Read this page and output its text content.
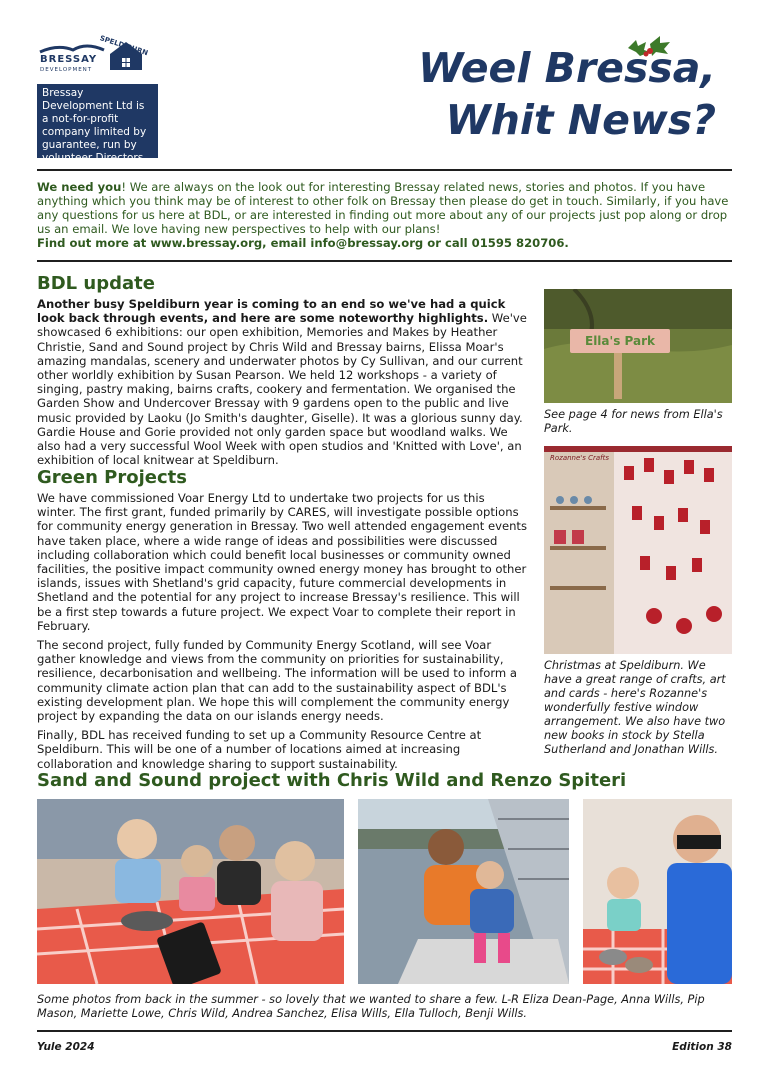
BRESSAY
DEVELOPMENT
SPELDIBURN
Bressay Development Ltd is a not-for-profit company limited by guarantee, run by volunteer Directors.
Weel Bressa,
Whit News?
We need you! We are always on the look out for interesting Bressay related news, stories and photos. If you have anything which you think may be of interest to other folk on Bressay then please do get in touch. Similarly, if you have any questions for us here at BDL, or are interested in finding out more about any of our projects just pop along or drop us an email. We love having new perspectives to help with our plans!
Find out more at www.bressay.org, email info@bressay.org or call 01595 820706.
BDL update
Another busy Speldiburn year is coming to an end so we've had a quick look back through events, and here are some noteworthy highlights. We've showcased 6 exhibitions: our open exhibition, Memories and Makes by Heather Christie, Sand and Sound project by Chris Wild and Bressay bairns, Elissa Moar's amazing mandalas, scenery and underwater photos by Cy Sullivan, and our current other worldly exhibition by Susan Pearson. We held 12 workshops - a variety of singing, pastry making, bairns crafts, cookery and fermentation. We organised the Garden Show and Undercover Bressay with 9 gardens open to the public and live music provided by Laoku (Jo Smith's daughter, Giselle). It was a glorious sunny day. Gardie House and Gorie provided not only garden space but woodland walks. We also had a very successful Wool Week with open studios and 'Knitted with Love', an exhibition of local knitwear at Speldiburn.
Green Projects

We have commissioned Voar Energy Ltd to undertake two projects for us this winter. The first grant, funded primarily by CARES, will investigate possible options for community energy generation in Bressay. Two well attended engagement events have taken place, where a wide range of ideas and possibilities were discussed including collaboration which could benefit local businesses or community owned facilities, the positive impact community owned energy money has brought to other islands, issues with Shetland's grid capacity, future commercial developments in Shetland and the potential for any project to increase Bressay's resilience. This will be a first step towards a future project. We expect Voar to complete their report in February.

The second project, fully funded by Community Energy Scotland, will see Voar gather knowledge and views from the community on priorities for sustainability, resilience, decarbonisation and wellbeing. The information will be used to inform a community climate action plan that can add to the sustainability aspect of BDL's existing development plan. We hope this will complement the community energy project by expanding the data on our islands energy needs.

Finally, BDL has received funding to set up a Community Resource Centre at Speldiburn. This will be one of a number of locations aimed at increasing collaboration and knowledge sharing to support sustainability.

Ella's Park
See page 4 for news from Ella's Park.
Rozanne's Crafts
Christmas at Speldiburn. We have a great range of crafts, art and cards - here's Rozanne's wonderfully festive window arrangement. We also have two new books in stock by Stella Sutherland and Jonathan Wills.
Sand and Sound project with Chris Wild and Renzo Spiteri
Some photos from back in the summer - so lovely that we wanted to share a few. L-R Eliza Dean-Page, Anna Wills, Pip Mason, Mariette Lowe, Chris Wild, Andrea Sanchez, Elisa Wills, Ella Tulloch, Benji Wills.
Yule 2024	Edition 38
